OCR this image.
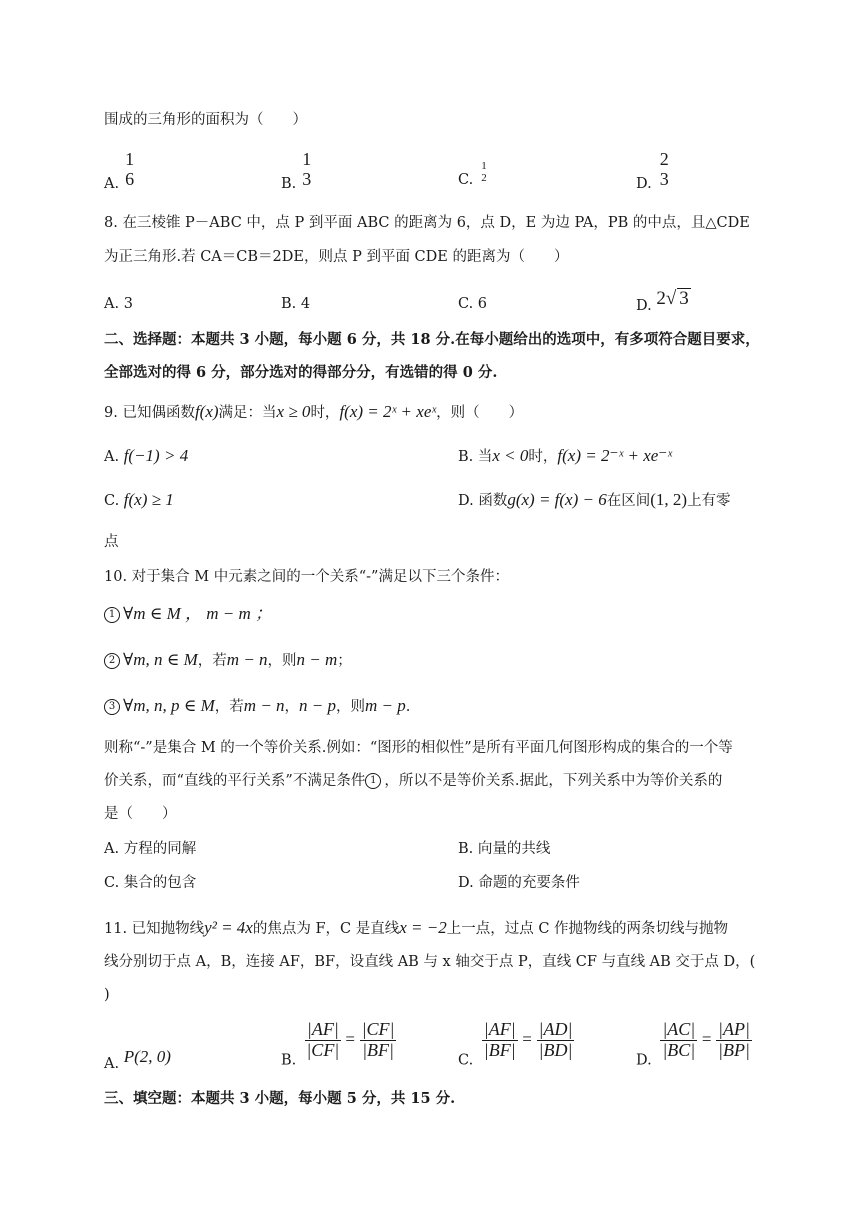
围成的三角形的面积为（　　）
A.
1
6	B.
1
3	C.
1
2	D.
2
3
8. 在三棱锥 P－ABC 中，点 P 到平面 ABC 的距离为 6，点 D，E 为边 PA，PB 的中点，且△CDE
为正三角形.若 CA＝CB＝2DE，则点 P 到平面 CDE 的距离为（　　）
A. 3	B. 4	C. 6	D. 2√ 3
二、选择题：本题共 3 小题，每小题 6 分，共 18 分.在每小题给出的选项中，有多项符合题目要求，
全部选对的得 6 分，部分选对的得部分分，有选错的得 0 分.
9. 已知偶函数f(x)满足：当x ≥ 0时，f(x) = 2ˣ + xeˣ，则（　　）
A. f(−1) > 4	B. 当x < 0时，f(x) = 2⁻ˣ + xe⁻ˣ
C. f(x) ≥ 1	D. 函数g(x) = f(x) − 6在区间(1, 2)上有零
点
10. 对于集合 M 中元素之间的一个关系“-”满足以下三个条件：
1 ∀m ∈ M ， m − m ；
2 ∀m, n ∈ M，若m − n，则n − m；
3 ∀m, n, p ∈ M，若m − n，n − p，则m − p.
则称“-”是集合 M 的一个等价关系.例如：“图形的相似性”是所有平面几何图形构成的集合的一个等
价关系，而“直线的平行关系”不满足条件 1 ，所以不是等价关系.据此，下列关系中为等价关系的
是（　　）
A. 方程的同解	B. 向量的共线
C. 集合的包含	D. 命题的充要条件
11. 已知抛物线y² = 4x的焦点为 F，C 是直线x = −2上一点，过点 C 作抛物线的两条切线与抛物
线分别切于点 A，B，连接 AF，BF，设直线 AB 与 x 轴交于点 P，直线 CF 与直线 AB 交于点 D，(
)
A. P(2, 0)	B. $\frac{|AF|}{|CF|} = \frac{|CF|}{|BF|}$	C. $\frac{|AF|}{|BF|} = \frac{|AD|}{|BD|}$	D. $\frac{|AC|}{|BC|} = \frac{|AP|}{|BP|}$
三、填空题：本题共 3 小题，每小题 5 分，共 15 分.
